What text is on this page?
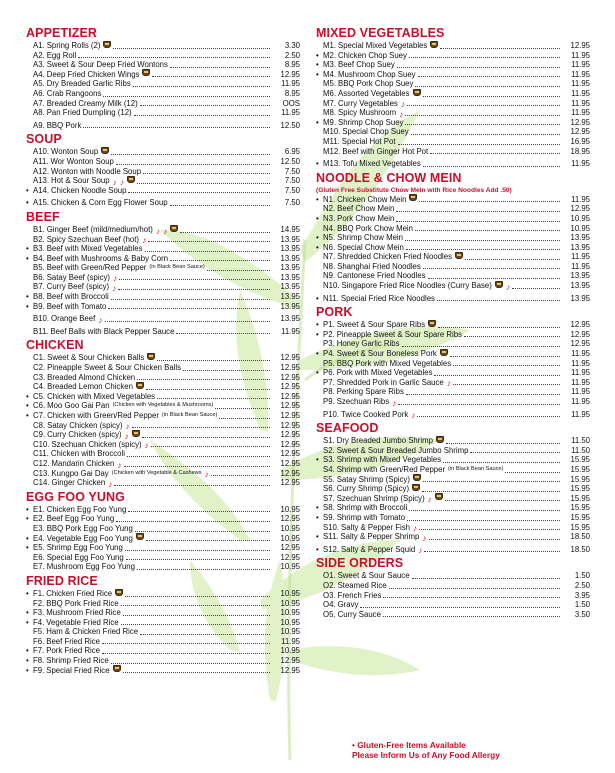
APPETIZER
A1. Spring Rolls (2)	3.30
A2. Egg Roll	2.50
A3. Sweet & Sour Deep Fried Wontons	8.95
A4. Deep Fried Chicken Wings	12.95
A5. Dry Breaded Garlic Ribs	11.95
A6. Crab Rangoons	8.95
A7. Breaded Creamy Milk (12)	OOS
A8. Pan Fried Dumpling (12)	11.95
A9. BBQ Pork	12.50
SOUP
A10. Wonton Soup	6.95
A11. Wor Wonton Soup	12.50
A12. Wonton with Noodle Soup	7.50
A13. Hot & Sour Soup ♪ ♪	7.50
• A14. Chicken Noodle Soup	7.50
• A15. Chicken & Corn Egg Flower Soup	7.50
BEEF
B1. Ginger Beef (mild/medium/hot) ♪ ♪	14.95
B2. Spicy Szechuan Beef (hot) ♪	13.95
• B3. Beef with Mixed Vegetables	13.95
• B4. Beef with Mushrooms & Baby Corn	13.95
B5. Beef with Green/Red Pepper (in Black Bean Sauce)	13.95
B6. Satay Beef (spicy) ♪	13.95
B7. Curry Beef (spicy) ♪	13.95
• B8. Beef with Broccoli	13.95
• B9. Beef with Tomato	13.95
B10. Orange Beef ♪	13.95
B11. Beef Balls with Black Pepper Sauce	11.95
CHICKEN
C1. Sweet & Sour Chicken Balls	12.95
C2. Pineapple Sweet & Sour Chicken Balls	12.95
C3. Breaded Almond Chicken	12.95
C4. Breaded Lemon Chicken	12.95
• C5. Chicken with Mixed Vegetables	12.95
• C6. Moo Goo Gai Pan (Chicken with Vegetables & Mushrooms)	12.95
• C7. Chicken with Green/Red Pepper (in Black Bean Sauce)	12.95
C8. Satay Chicken (spicy) ♪	12.95
C9. Curry Chicken (spicy) ♪	12.95
C10. Szechuan Chicken (spicy) ♪	12.95
C11. Chicken with Broccoli	12.95
C12. Mandarin Chicken ♪	12.95
C13. Kungpo Gai Day (Chicken with Vegetable & Cashews ♪	12.95
C14. Ginger Chicken ♪	12.95
EGG FOO YUNG
• E1. Chicken Egg Foo Yung	10.95
• E2. Beef Egg Foo Yung	12.95
E3. BBQ Pork Egg Foo Yung	10.95
• E4. Vegetable Egg Foo Yung	10.95
• E5. Shrimp Egg Foo Yung	12.95
E6. Special Egg Foo Yung	12.95
E7. Mushroom Egg Foo Yung	10.95
FRIED RICE
• F1. Chicken Fried Rice	10.95
F2. BBQ Pork Fried Rice	10.95
• F3. Mushroom Fried Rice	10.95
• F4. Vegetable Fried Rice	10.95
F5. Ham & Chicken Fried Rice	10.95
F6. Beef Fried Rice	11.95
• F7. Pork Fried Rice	10.95
• F8. Shrimp Fried Rice	12.95
• F9. Special Fried Rice	12.95
MIXED VEGETABLES
M1. Special Mixed Vegetables	12.95
• M2. Chicken Chop Suey	11.95
• M3. Beef Chop Suey	11.95
• M4. Mushroom Chop Suey	11.95
M5. BBQ Pork Chop Suey	11.95
M6. Assorted Vegetables	11.95
M7. Curry Vegetables ♪	11.95
M8. Spicy Mushroom ♪	11.95
• M9. Shrimp Chop Suey	12.95
M10. Special Chop Suey	12.95
M11. Special Hot Pot	16.95
M12. Beef with Ginger Hot Pot	18.95
• M13. Tofu Mixed Vegetables	11.95
NOODLE & CHOW MEIN
(Gluten Free Substitute Chow Mein with Rice Noodles Add .50)
• N1. Chicken Chow Mein	11.95
N2. Beef Chow Mein	12.95
• N3. Pork Chow Mein	10.95
N4. BBQ Pork Chow Mein	10.95
• N5. Shrimp Chow Mein	13.95
• N6. Special Chow Mein	13.95
N7. Shredded Chicken Fried Noodles	11.95
N8. Shanghai Fried Noodles	11.95
N9. Cantonese Fried Noodles	13.95
N10. Singapore Fried Rice Noodles (Curry Base) ♪	13.95
• N11. Special Fried Rice Noodles	13.95
PORK
• P1. Sweet & Sour Spare Ribs	12.95
• P2. Pineapple Sweet & Sour Spare Ribs	12.95
P3. Honey Garlic Ribs	12.95
• P4. Sweet & Sour Boneless Pork	11.95
P5. BBQ Pork with Mixed Vegetables	11.95
• P6. Pork with Mixed Vegetables	11.95
P7. Shredded Pork in Garlic Sauce ♪	11.95
P8. Perking Spare Ribs	11.95
P9. Szechuan Ribs ♪	11.95
P10. Twice Cooked Pork ♪	11.95
SEAFOOD
S1. Dry Breaded Jumbo Shrimp	11.50
S2. Sweet & Sour Breaded Jumbo Shrimp	11.50
• S3. Shrimp with Mixed Vegetables	15.95
S4. Shrimp with Green/Red Pepper (in Black Bean Sauce)	15.95
S5. Satay Shrimp (Spicy)	15.95
S6. Curry Shrimp (Spicy)	15.95
S7. Szechuan Shrimp (Spicy) ♪	15.95
• S8. Shrimp with Broccoli	15.95
• S9. Shrimp with Tomato	15.95
S10. Salty & Pepper Fish ♪	15.95
• S11. Salty & Pepper Shrimp ♪	18.50
• S12. Salty & Pepper Squid ♪	18.50
SIDE ORDERS
O1. Sweet & Sour Sauce	1.50
O2. Steamed Rice	2.50
O3. French Fries	3.95
O4. Gravy	1.50
O5. Curry Sauce	3.50
• Gluten-Free Items Available
Please Inform Us of Any Food Allergy
